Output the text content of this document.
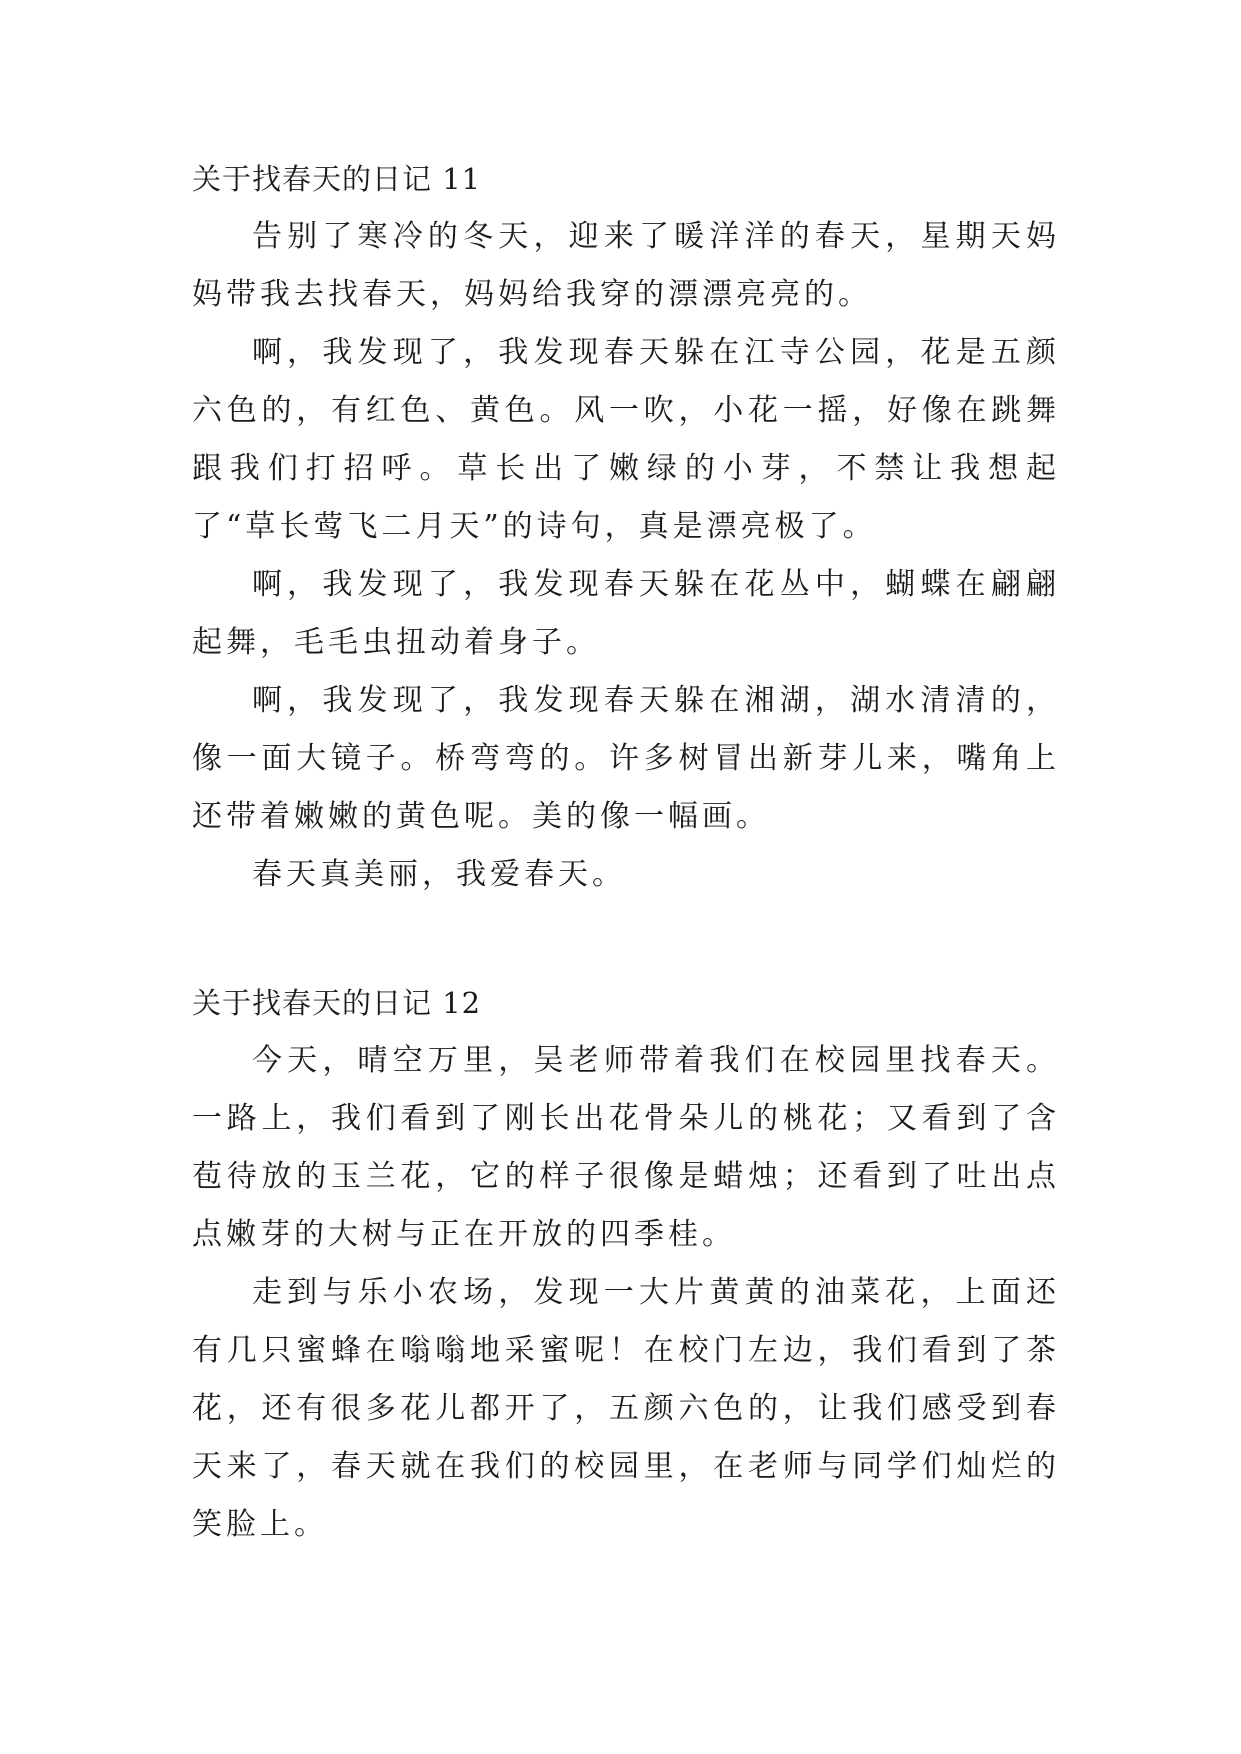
关于找春天的日记 11

告别了寒冷的冬天，迎来了暖洋洋的春天，星期天妈妈带我去找春天，妈妈给我穿的漂漂亮亮的。

啊，我发现了，我发现春天躲在江寺公园，花是五颜六色的，有红色、黄色。风一吹，小花一摇，好像在跳舞跟我们打招呼。草长出了嫩绿的小芽，不禁让我想起了“草长莺飞二月天”的诗句，真是漂亮极了。

啊，我发现了，我发现春天躲在花丛中，蝴蝶在翩翩起舞，毛毛虫扭动着身子。

啊，我发现了，我发现春天躲在湘湖，湖水清清的，像一面大镜子。桥弯弯的。许多树冒出新芽儿来，嘴角上还带着嫩嫩的黄色呢。美的像一幅画。

春天真美丽，我爱春天。

关于找春天的日记 12

今天，晴空万里，吴老师带着我们在校园里找春天。一路上，我们看到了刚长出花骨朵儿的桃花；又看到了含苞待放的玉兰花，它的样子很像是蜡烛；还看到了吐出点点嫩芽的大树与正在开放的四季桂。

走到与乐小农场，发现一大片黄黄的油菜花，上面还有几只蜜蜂在嗡嗡地采蜜呢！在校门左边，我们看到了茶花，还有很多花儿都开了，五颜六色的，让我们感受到春天来了，春天就在我们的校园里，在老师与同学们灿烂的笑脸上。
